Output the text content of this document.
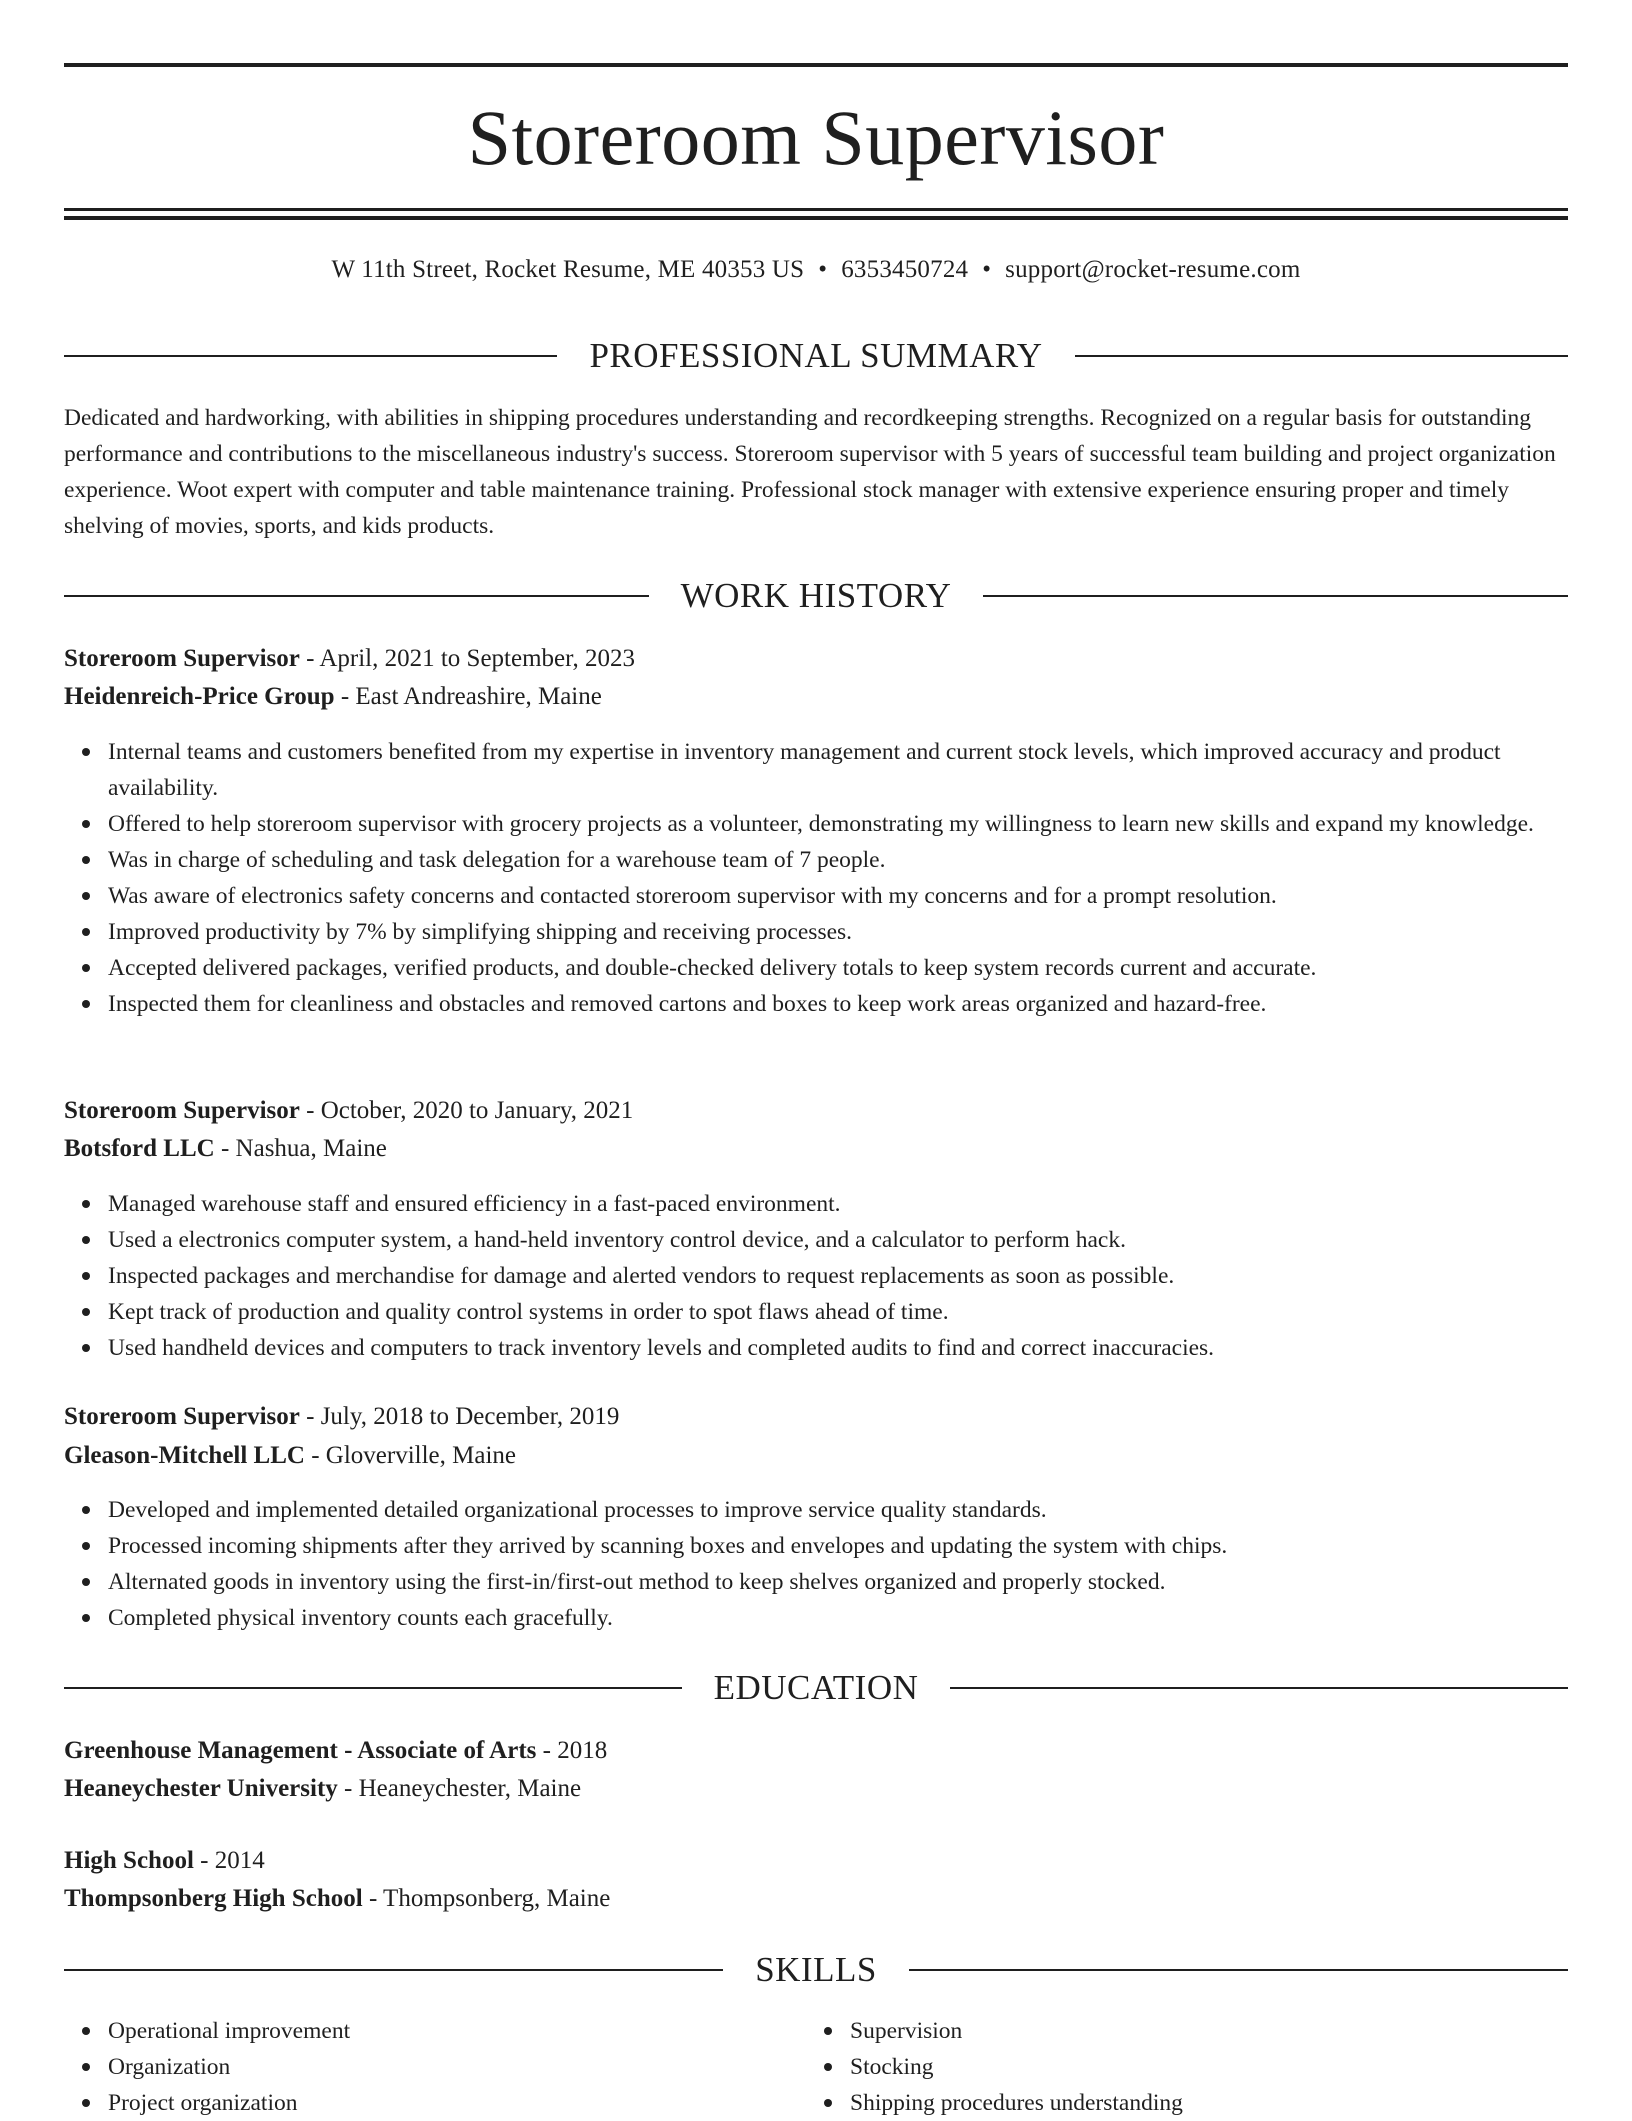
Storeroom Supervisor
W 11th Street, Rocket Resume, ME 40353 US • 6353450724 • support@rocket-resume.com
PROFESSIONAL SUMMARY

Dedicated and hardworking, with abilities in shipping procedures understanding and recordkeeping strengths. Recognized on a regular basis for outstanding performance and contributions to the miscellaneous industry's success. Storeroom supervisor with 5 years of successful team building and project organization experience. Woot expert with computer and table maintenance training. Professional stock manager with extensive experience ensuring proper and timely shelving of movies, sports, and kids products.

WORK HISTORY
Storeroom Supervisor - April, 2021 to September, 2023
Heidenreich-Price Group - East Andreashire, Maine
Internal teams and customers benefited from my expertise in inventory management and current stock levels, which improved accuracy and product availability.
Offered to help storeroom supervisor with grocery projects as a volunteer, demonstrating my willingness to learn new skills and expand my knowledge.
Was in charge of scheduling and task delegation for a warehouse team of 7 people.
Was aware of electronics safety concerns and contacted storeroom supervisor with my concerns and for a prompt resolution.
Improved productivity by 7% by simplifying shipping and receiving processes.
Accepted delivered packages, verified products, and double-checked delivery totals to keep system records current and accurate.
Inspected them for cleanliness and obstacles and removed cartons and boxes to keep work areas organized and hazard-free.
Storeroom Supervisor - October, 2020 to January, 2021
Botsford LLC - Nashua, Maine
Managed warehouse staff and ensured efficiency in a fast-paced environment.
Used a electronics computer system, a hand-held inventory control device, and a calculator to perform hack.
Inspected packages and merchandise for damage and alerted vendors to request replacements as soon as possible.
Kept track of production and quality control systems in order to spot flaws ahead of time.
Used handheld devices and computers to track inventory levels and completed audits to find and correct inaccuracies.
Storeroom Supervisor - July, 2018 to December, 2019
Gleason-Mitchell LLC - Gloverville, Maine
Developed and implemented detailed organizational processes to improve service quality standards.
Processed incoming shipments after they arrived by scanning boxes and envelopes and updating the system with chips.
Alternated goods in inventory using the first-in/first-out method to keep shelves organized and properly stocked.
Completed physical inventory counts each gracefully.
EDUCATION
Greenhouse Management - Associate of Arts - 2018
Heaneychester University - Heaneychester, Maine
High School - 2014
Thompsonberg High School - Thompsonberg, Maine
SKILLS
Operational improvement
Organization
Project organization
Supervision
Stocking
Shipping procedures understanding
